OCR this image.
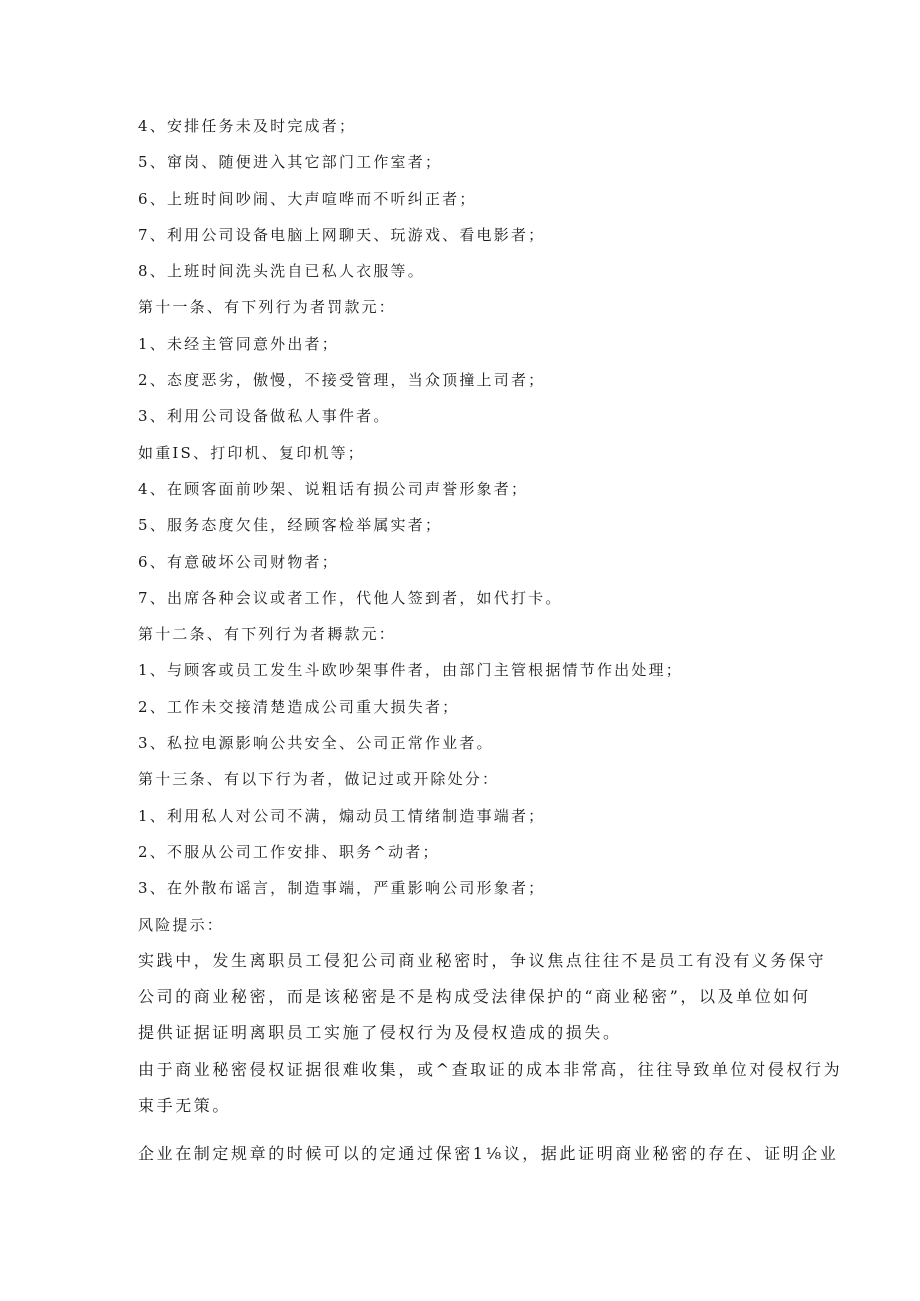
4、安排任务未及时完成者；
5、窜岗、随便进入其它部门工作室者；
6、上班时间吵闹、大声喧哗而不听纠正者；
7、利用公司设备电脑上网聊天、玩游戏、看电影者；
8、上班时间洗头洗自已私人衣服等。
第十一条、有下列行为者罚款元：
1、未经主管同意外出者；
2、态度恶劣，傲慢，不接受管理，当众顶撞上司者；
3、利用公司设备做私人事件者。
如重IS、打印机、复印机等；
4、在顾客面前吵架、说粗话有损公司声誉形象者；
5、服务态度欠佳，经顾客检举属实者；
6、有意破坏公司财物者；
7、出席各种会议或者工作，代他人签到者，如代打卡。
第十二条、有下列行为者耨款元：
1、与顾客或员工发生斗欧吵架事件者，由部门主管根据情节作出处理；
2、工作未交接清楚造成公司重大损失者；
3、私拉电源影响公共安全、公司正常作业者。
第十三条、有以下行为者，做记过或开除处分：
1、利用私人对公司不满，煽动员工情绪制造事端者；
2、不服从公司工作安排、职务^动者；
3、在外散布谣言，制造事端，严重影响公司形象者；
风险提示：
实践中，发生离职员工侵犯公司商业秘密时，争议焦点往往不是员工有没有义务保守
公司的商业秘密，而是该秘密是不是构成受法律保护的“商业秘密”，以及单位如何
提供证据证明离职员工实施了侵权行为及侵权造成的损失。
由于商业秘密侵权证据很难收集，或^查取证的成本非常高，往往导致单位对侵权行为
束手无策。
企业在制定规章的时候可以的定通过保密1⅛议，据此证明商业秘密的存在、证明企业
